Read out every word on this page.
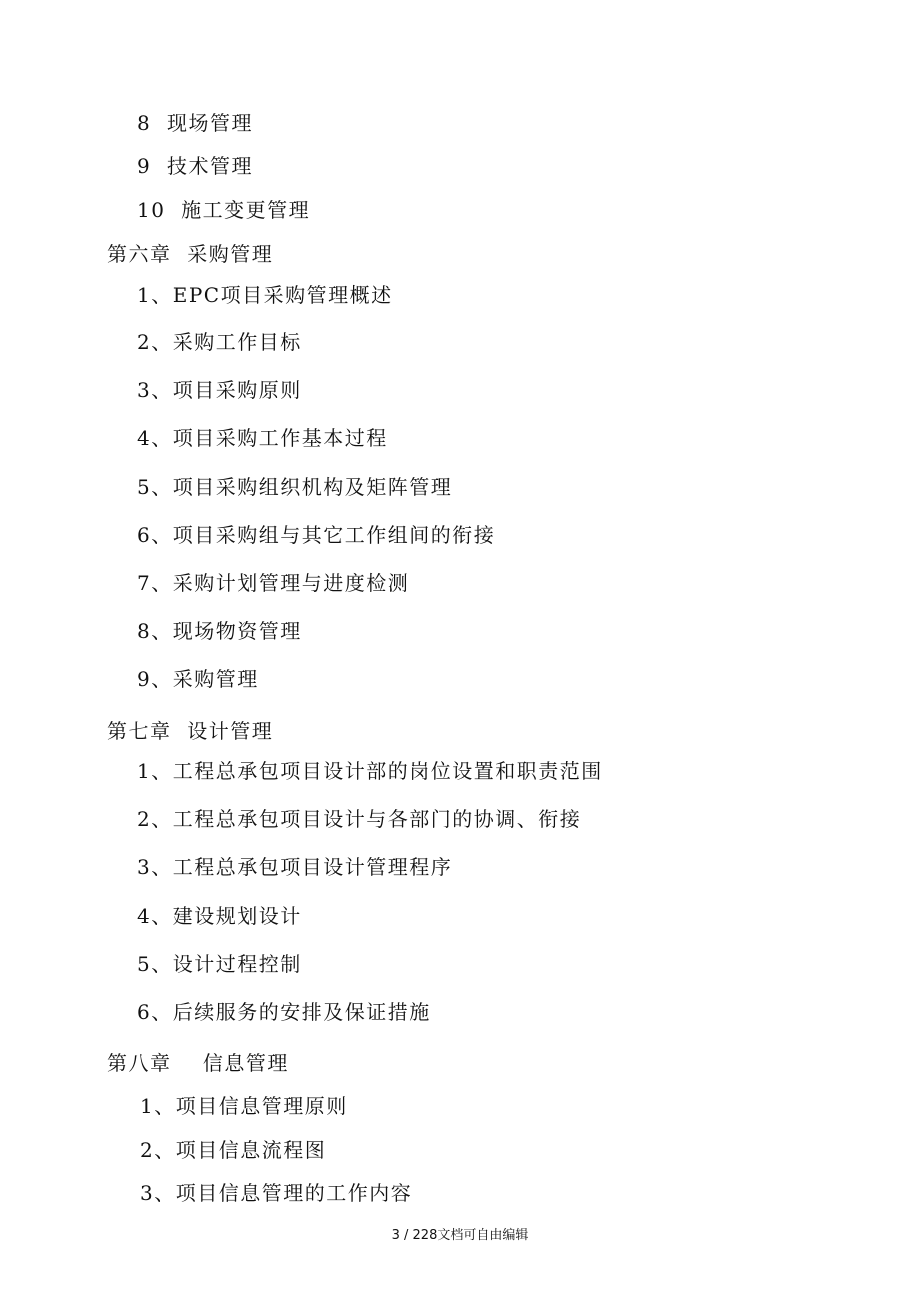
8  现场管理
9  技术管理
10  施工变更管理
第六章  采购管理
1、EPC项目采购管理概述
2、采购工作目标
3、项目采购原则
4、项目采购工作基本过程
5、项目采购组织机构及矩阵管理
6、项目采购组与其它工作组间的衔接
7、采购计划管理与进度检测
8、现场物资管理
9、采购管理
第七章  设计管理
1、工程总承包项目设计部的岗位设置和职责范围
2、工程总承包项目设计与各部门的协调、衔接
3、工程总承包项目设计管理程序
4、建设规划设计
5、设计过程控制
6、后续服务的安排及保证措施
第八章    信息管理
1、项目信息管理原则
2、项目信息流程图
3、项目信息管理的工作内容
3 / 228文档可自由编辑
